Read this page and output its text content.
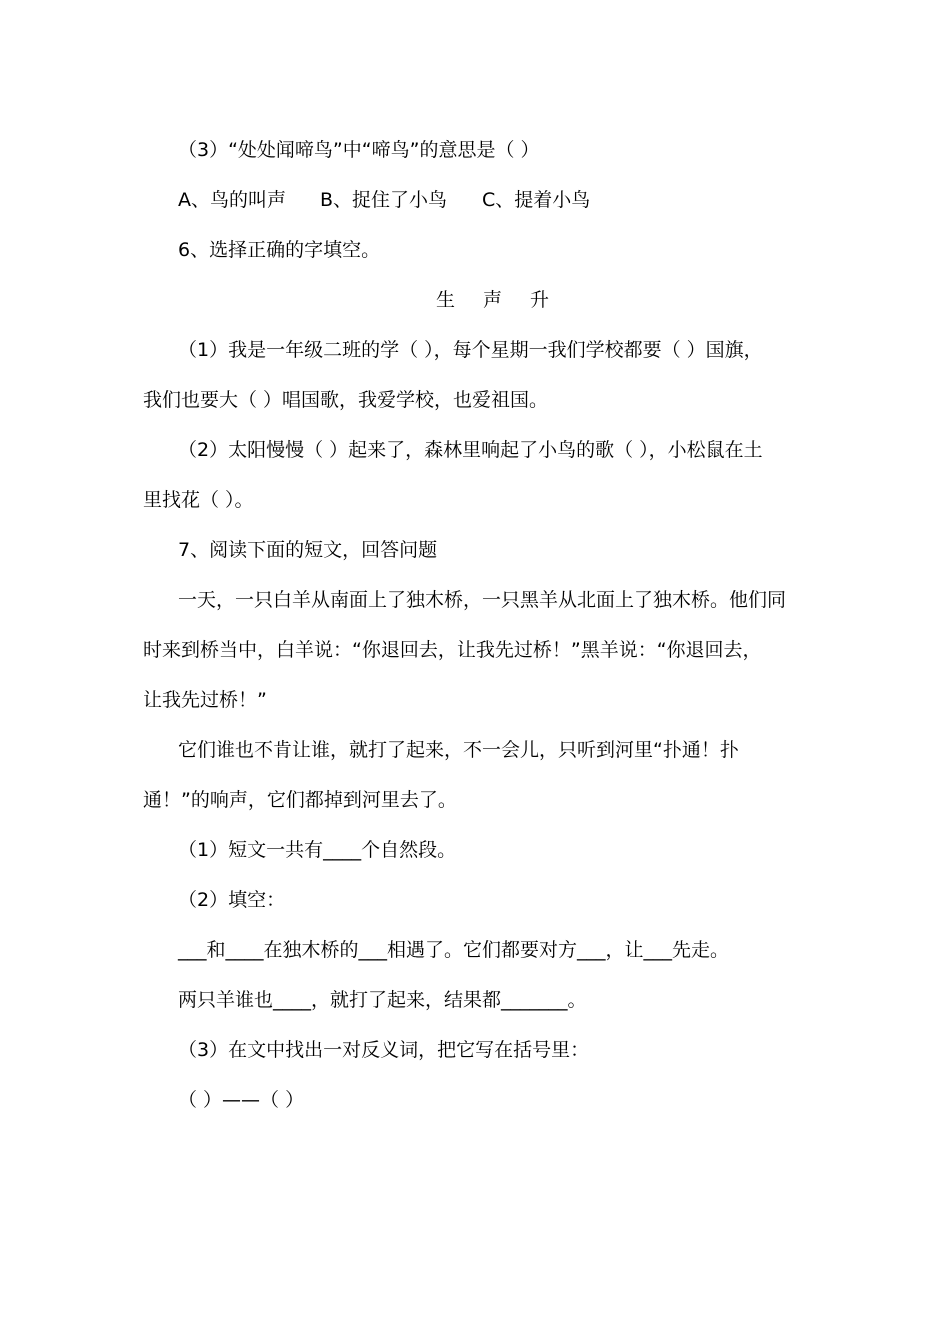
（3）“处处闻啼鸟”中“啼鸟”的意思是（ ）
A、鸟的叫声 B、捉住了小鸟 C、提着小鸟
6、选择正确的字填空。
生 声 升
（1）我是一年级二班的学（ ），每个星期一我们学校都要（ ）国旗，
我们也要大（ ）唱国歌，我爱学校，也爱祖国。
（2）太阳慢慢（ ）起来了，森林里响起了小鸟的歌（ ），小松鼠在土
里找花（ ）。
7、阅读下面的短文，回答问题
一天，一只白羊从南面上了独木桥，一只黑羊从北面上了独木桥。他们同
时来到桥当中，白羊说：“你退回去，让我先过桥！”黑羊说：“你退回去，
让我先过桥！”
它们谁也不肯让谁，就打了起来，不一会儿，只听到河里“扑通！扑
通！”的响声，它们都掉到河里去了。
（1）短文一共有____个自然段。
（2）填空：
___和____在独木桥的___相遇了。它们都要对方___，让___先走。
两只羊谁也____，就打了起来，结果都_______。
（3）在文中找出一对反义词，把它写在括号里：
（ ）——（ ）
